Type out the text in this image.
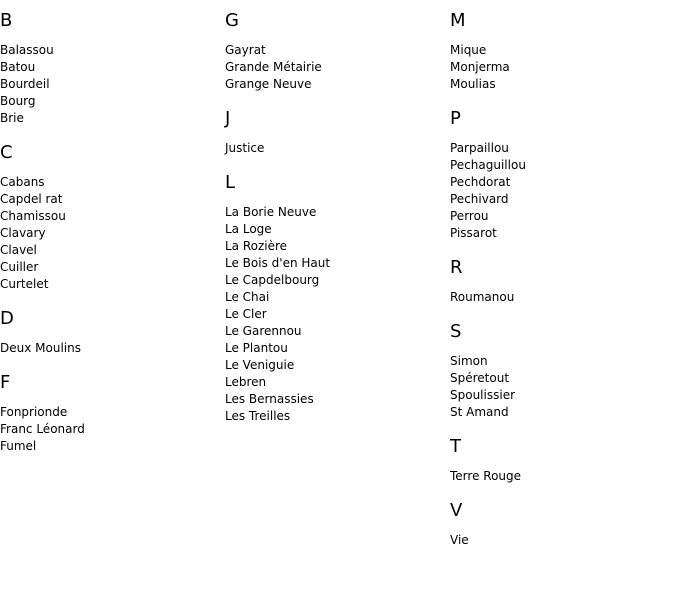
B
Balassou
Batou
Bourdeil
Bourg
Brie
C
Cabans
Capdel rat
Chamissou
Clavary
Clavel
Cuiller
Curtelet
D
Deux Moulins
F
Fonprionde
Franc Léonard
Fumel
G
Gayrat
Grande Métairie
Grange Neuve
J
Justice
L
La Borie Neuve
La Loge
La Rozière
Le Bois d'en Haut
Le Capdelbourg
Le Chai
Le Cler
Le Garennou
Le Plantou
Le Veniguie
Lebren
Les Bernassies
Les Treilles
M
Mique
Monjerma
Moulias
P
Parpaillou
Pechaguillou
Pechdorat
Pechivard
Perrou
Pissarot
R
Roumanou
S
Simon
Spéretout
Spoulissier
St Amand
T
Terre Rouge
V
Vie
